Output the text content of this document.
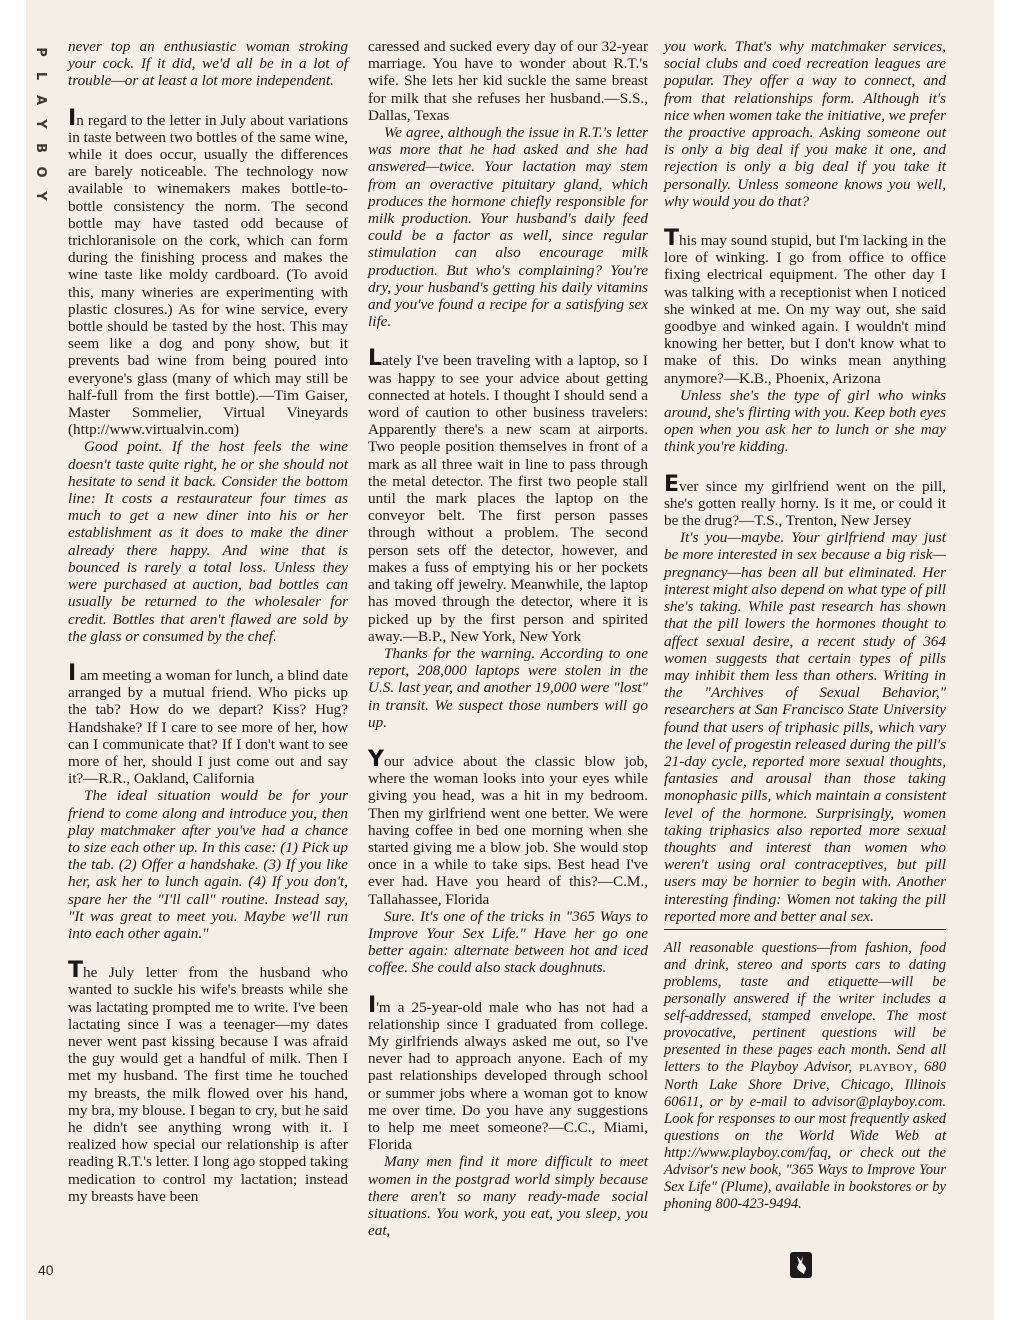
P
L
A
Y
B
O
Y
40

never top an enthusiastic woman stroking your cock. If it did, we'd all be in a lot of trouble—or at least a lot more independent.

In regard to the letter in July about variations in taste between two bottles of the same wine, while it does occur, usually the differences are barely noticeable. The technology now available to winemakers makes bottle-to-bottle consistency the norm. The second bottle may have tasted odd because of trichloranisole on the cork, which can form during the finishing process and makes the wine taste like moldy cardboard. (To avoid this, many wineries are experimenting with plastic closures.) As for wine service, every bottle should be tasted by the host. This may seem like a dog and pony show, but it prevents bad wine from being poured into everyone's glass (many of which may still be half-full from the first bottle).—Tim Gaiser, Master Sommelier, Virtual Vineyards (http://www.virtualvin.com)

Good point. If the host feels the wine doesn't taste quite right, he or she should not hesitate to send it back. Consider the bottom line: It costs a restaurateur four times as much to get a new diner into his or her establishment as it does to make the diner already there happy. And wine that is bounced is rarely a total loss. Unless they were purchased at auction, bad bottles can usually be returned to the wholesaler for credit. Bottles that aren't flawed are sold by the glass or consumed by the chef.

I am meeting a woman for lunch, a blind date arranged by a mutual friend. Who picks up the tab? How do we depart? Kiss? Hug? Handshake? If I care to see more of her, how can I communicate that? If I don't want to see more of her, should I just come out and say it?—R.R., Oakland, California

The ideal situation would be for your friend to come along and introduce you, then play matchmaker after you've had a chance to size each other up. In this case: (1) Pick up the tab. (2) Offer a handshake. (3) If you like her, ask her to lunch again. (4) If you don't, spare her the "I'll call" routine. Instead say, "It was great to meet you. Maybe we'll run into each other again."

The July letter from the husband who wanted to suckle his wife's breasts while she was lactating prompted me to write. I've been lactating since I was a teenager—my dates never went past kissing because I was afraid the guy would get a handful of milk. Then I met my husband. The first time he touched my breasts, the milk flowed over his hand, my bra, my blouse. I began to cry, but he said he didn't see anything wrong with it. I realized how special our relationship is after reading R.T.'s letter. I long ago stopped taking medication to control my lactation; instead my breasts have been

caressed and sucked every day of our 32-year marriage. You have to wonder about R.T.'s wife. She lets her kid suckle the same breast for milk that she refuses her husband.—S.S., Dallas, Texas

We agree, although the issue in R.T.'s letter was more that he had asked and she had answered—twice. Your lactation may stem from an overactive pituitary gland, which produces the hormone chiefly responsible for milk production. Your husband's daily feed could be a factor as well, since regular stimulation can also encourage milk production. But who's complaining? You're dry, your husband's getting his daily vitamins and you've found a recipe for a satisfying sex life.

Lately I've been traveling with a laptop, so I was happy to see your advice about getting connected at hotels. I thought I should send a word of caution to other business travelers: Apparently there's a new scam at airports. Two people position themselves in front of a mark as all three wait in line to pass through the metal detector. The first two people stall until the mark places the laptop on the conveyor belt. The first person passes through without a problem. The second person sets off the detector, however, and makes a fuss of emptying his or her pockets and taking off jewelry. Meanwhile, the laptop has moved through the detector, where it is picked up by the first person and spirited away.—B.P., New York, New York

Thanks for the warning. According to one report, 208,000 laptops were stolen in the U.S. last year, and another 19,000 were "lost" in transit. We suspect those numbers will go up.

Your advice about the classic blow job, where the woman looks into your eyes while giving you head, was a hit in my bedroom. Then my girlfriend went one better. We were having coffee in bed one morning when she started giving me a blow job. She would stop once in a while to take sips. Best head I've ever had. Have you heard of this?—C.M., Tallahassee, Florida

Sure. It's one of the tricks in "365 Ways to Improve Your Sex Life." Have her go one better again: alternate between hot and iced coffee. She could also stack doughnuts.

I'm a 25-year-old male who has not had a relationship since I graduated from college. My girlfriends always asked me out, so I've never had to approach anyone. Each of my past relationships developed through school or summer jobs where a woman got to know me over time. Do you have any suggestions to help me meet someone?—C.C., Miami, Florida

Many men find it more difficult to meet women in the postgrad world simply because there aren't so many ready-made social situations. You work, you eat, you sleep, you eat,

you work. That's why matchmaker services, social clubs and coed recreation leagues are popular. They offer a way to connect, and from that relationships form. Although it's nice when women take the initiative, we prefer the proactive approach. Asking someone out is only a big deal if you make it one, and rejection is only a big deal if you take it personally. Unless someone knows you well, why would you do that?

This may sound stupid, but I'm lacking in the lore of winking. I go from office to office fixing electrical equipment. The other day I was talking with a receptionist when I noticed she winked at me. On my way out, she said goodbye and winked again. I wouldn't mind knowing her better, but I don't know what to make of this. Do winks mean anything anymore?—K.B., Phoenix, Arizona

Unless she's the type of girl who winks around, she's flirting with you. Keep both eyes open when you ask her to lunch or she may think you're kidding.

Ever since my girlfriend went on the pill, she's gotten really horny. Is it me, or could it be the drug?—T.S., Trenton, New Jersey

It's you—maybe. Your girlfriend may just be more interested in sex because a big risk—pregnancy—has been all but eliminated. Her interest might also depend on what type of pill she's taking. While past research has shown that the pill lowers the hormones thought to affect sexual desire, a recent study of 364 women suggests that certain types of pills may inhibit them less than others. Writing in the "Archives of Sexual Behavior," researchers at San Francisco State University found that users of triphasic pills, which vary the level of progestin released during the pill's 21-day cycle, reported more sexual thoughts, fantasies and arousal than those taking monophasic pills, which maintain a consistent level of the hormone. Surprisingly, women taking triphasics also reported more sexual thoughts and interest than women who weren't using oral contraceptives, but pill users may be hornier to begin with. Another interesting finding: Women not taking the pill reported more and better anal sex.

All reasonable questions—from fashion, food and drink, stereo and sports cars to dating problems, taste and etiquette—will be personally answered if the writer includes a self-addressed, stamped envelope. The most provocative, pertinent questions will be presented in these pages each month. Send all letters to the Playboy Advisor, PLAYBOY, 680 North Lake Shore Drive, Chicago, Illinois 60611, or by e-mail to advisor@playboy.com. Look for responses to our most frequently asked questions on the World Wide Web at http://www.playboy.com/faq, or check out the Advisor's new book, "365 Ways to Improve Your Sex Life" (Plume), available in bookstores or by phoning 800-423-9494.
